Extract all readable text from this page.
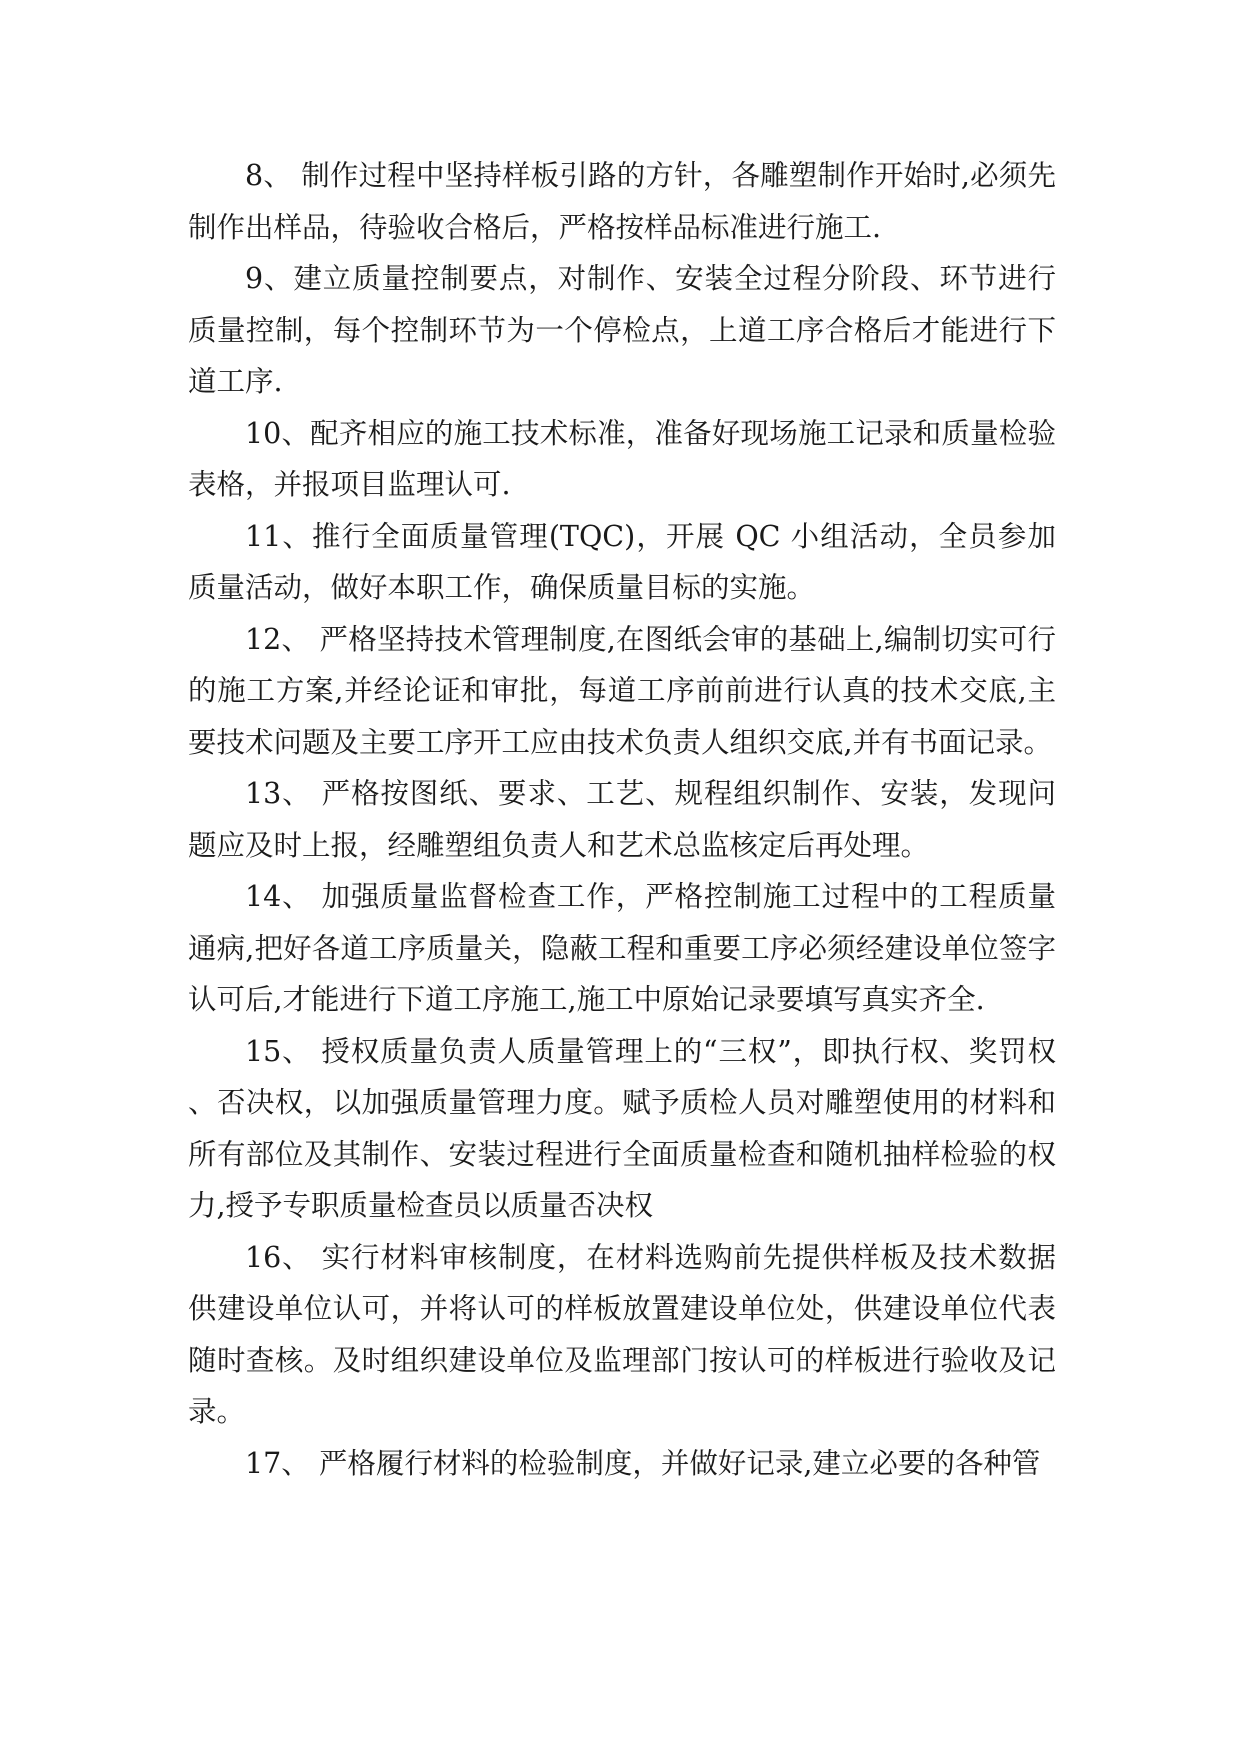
8、 制作过程中坚持样板引路的方针，各雕塑制作开始时,必须先制作出样品，待验收合格后，严格按样品标准进行施工.

9、建立质量控制要点，对制作、安装全过程分阶段、环节进行质量控制，每个控制环节为一个停检点，上道工序合格后才能进行下道工序.

10、配齐相应的施工技术标准，准备好现场施工记录和质量检验表格，并报项目监理认可.

11、推行全面质量管理(TQC)，开展 QC 小组活动，全员参加质量活动，做好本职工作，确保质量目标的实施。

12、 严格坚持技术管理制度,在图纸会审的基础上,编制切实可行的施工方案,并经论证和审批，每道工序前前进行认真的技术交底,主要技术问题及主要工序开工应由技术负责人组织交底,并有书面记录。

13、 严格按图纸、要求、工艺、规程组织制作、安装，发现问题应及时上报，经雕塑组负责人和艺术总监核定后再处理。

14、 加强质量监督检查工作，严格控制施工过程中的工程质量通病,把好各道工序质量关，隐蔽工程和重要工序必须经建设单位签字认可后,才能进行下道工序施工,施工中原始记录要填写真实齐全.

15、 授权质量负责人质量管理上的“三权”，即执行权、奖罚权、否决权，以加强质量管理力度。赋予质检人员对雕塑使用的材料和所有部位及其制作、安装过程进行全面质量检查和随机抽样检验的权力,授予专职质量检查员以质量否决权

16、 实行材料审核制度，在材料选购前先提供样板及技术数据供建设单位认可，并将认可的样板放置建设单位处，供建设单位代表随时查核。及时组织建设单位及监理部门按认可的样板进行验收及记录。

17、 严格履行材料的检验制度，并做好记录,建立必要的各种管
